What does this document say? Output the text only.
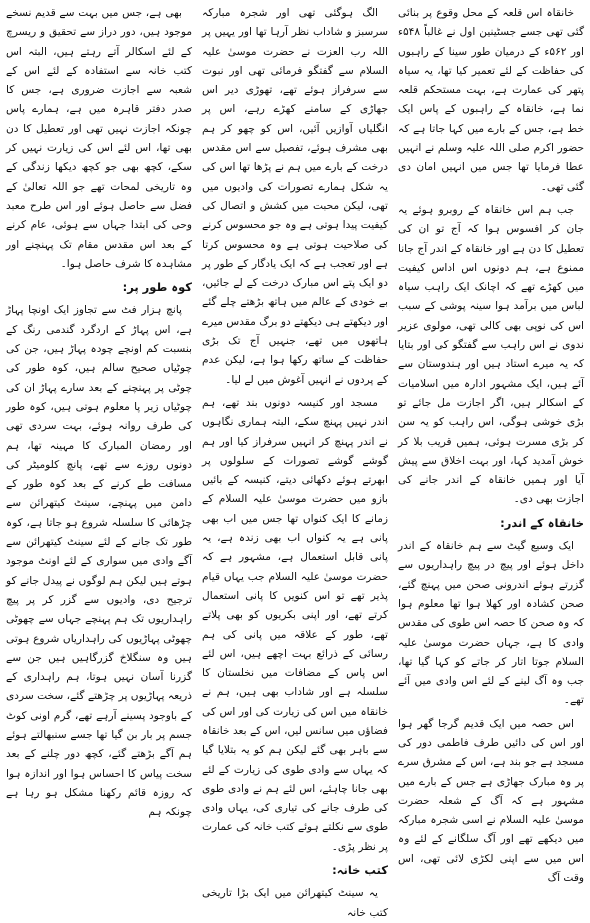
خانقاہ اس قلعہ کے محل وقوع پر بنائی گئی تھی جسے جسٹینین اول نے غالباً ۵۴۸ء اور ۵۶۲ء کے درمیان طور سینا کے راہبوں کی حفاظت کے لئے تعمیر کیا تھا، یہ سیاہ پتھر کی عمارت ہے، بہت مستحکم قلعہ نما ہے، خانقاہ کے راہبوں کے پاس ایک خط ہے، جس کے بارے میں کہا جاتا ہے کہ حضور اکرم صلی اللہ علیہ وسلم نے انہیں عطا فرمایا تھا جس میں انہیں امان دی گئی تھی۔

جب ہم اس خانقاہ کے روبرو ہوئے یہ جان کر افسوس ہوا کہ آج تو ان کی تعطیل کا دن ہے اور خانقاہ کے اندر آج جانا ممنوع ہے، ہم دونوں اس اداس کیفیت میں کھڑے تھے کہ اچانک ایک راہب سیاہ لباس میں برآمد ہوا سینہ پوشی کے سبب اس کی نوپی بھی کالی تھی، مولوی عزیر ندوی نے اس راہب سے گفتگو کی اور بتایا کہ یہ میرے استاد ہیں اور ہندوستان سے آئے ہیں، ایک مشہور ادارہ میں اسلامیات کے اسکالر ہیں، اگر اجازت مل جائے تو بڑی خوشی ہوگی، اس راہب کو یہ سن کر بڑی مسرت ہوئی، ہمیں قریب بلا کر خوش آمدید کہا، اور بہت اخلاق سے پیش آیا اور ہمیں خانقاہ کے اندر جانے کی اجازت بھی دی۔

خانقاہ کے اندر:

ایک وسیع گیٹ سے ہم خانقاہ کے اندر داخل ہوئے اور پیچ در پیچ راہداریوں سے گزرتے ہوئے اندرونی صحن میں پہنچ گئے، صحن کشادہ اور کھلا ہوا تھا معلوم ہوا کہ وہ صحن کا حصہ اس طوی کی مقدس وادی کا ہے، جہاں حضرت موسیٰ علیہ السلام جوتا اتار کر جاتے کو کہا گیا تھا، جب وہ آگ لینے کے لئے اس وادی میں آئے تھے۔

اس حصہ میں ایک قدیم گرجا گھر ہوا اور اس کی دائیں طرف فاطمی دور کی مسجد ہے جو بند ہے، اس کے مشرق سرے پر وہ مبارک جھاڑی ہے جس کے بارے میں مشہور ہے کہ آگ کے شعلہ حضرت موسیٰ علیہ السلام نے اسی شجرہ مبارکہ میں دیکھے تھے اور آگ سلگانے کے لئے وہ اس میں سے اپنی لکڑی لائی تھی، اس وقت آگ

الگ ہوگئی تھی اور شجرہ مبارکہ سرسبز و شاداب نظر آرہا تھا اور یہیں پر اللہ رب العزت نے حضرت موسیٰ علیہ السلام سے گفتگو فرمائی تھی اور نبوت سے سرفراز ہوئے تھے، تھوڑی دیر اس جھاڑی کے سامنے کھڑے رہے، اس پر انگلیاں آوازیں آئیں، اس کو چھو کر ہم بھی مشرف ہوئے، تفصیل سے اس مقدس درخت کے بارے میں ہم نے پڑھا تھا اس کی یہ شکل ہمارے تصورات کی وادیوں میں تھی، لیکن محبت میں کشش و اتصال کی کیفیت پیدا ہوتی ہے وہ جو محسوس کرنے کی صلاحیت ہوتی ہے وہ محسوس کرتا ہے اور تعجب ہے کہ ایک یادگار کے طور پر دو ایک پتے اس مبارک درخت کے لے جائیں، بے خودی کے عالم میں ہاتھ بڑھتے چلے گئے اور دیکھتے ہی دیکھتے دو برگ مقدس میرے ہاتھوں میں تھے، جنہیں آج تک بڑی حفاظت کے ساتھ رکھا ہوا ہے، لیکن عدم کے پردوں نے انہیں آغوش میں لے لیا۔

مسجد اور کنیسہ دونوں بند تھے، ہم اندر نہیں پہنچ سکے، البتہ ہماری نگاہوں نے اندر پہنچ کر انہیں سرفراز کیا اور ہم گوشے گوشے تصورات کے سلولوں پر ابھرتے ہوئے دکھائی دیتے، کنیسہ کے بائیں بازو میں حضرت موسیٰ علیہ السلام کے زمانے کا ایک کنواں تھا جس میں اب بھی پانی ہے یہ کنواں اب بھی زندہ ہے، یہ پانی قابل استعمال ہے، مشہور ہے کہ حضرت موسیٰ علیہ السلام جب یہاں قیام پذیر تھے تو اس کنویں کا پانی استعمال کرتے تھے، اور اپنی بکریوں کو بھی پلاتے تھے، طور کے علاقہ میں پانی کی ہم رسائی کے ذرائع بہت اچھے ہیں، اس لئے اس پاس کے مضافات میں نخلستان کا سلسلہ ہے اور شاداب بھی ہیں، ہم نے خانقاہ میں اس کی زیارت کی اور اس کی فضاؤں میں سانس لیں، اس کے بعد خانقاہ سے باہر بھی گئے لیکن ہم کو یہ بتلایا گیا کہ یہاں سے وادی طوی کی زیارت کے لئے بھی جانا چاہئے، اس لئے ہم نے وادی طوی کی طرف جانے کی تیاری کی، یہاں وادی طوی سے نکلتے ہوئے کتب خانہ کی عمارت پر نظر پڑی۔

کتب خانہ:

یہ سینٹ کیتھرائن میں ایک بڑا تاریخی کتب خانہ

بھی ہے، جس میں بہت سے قدیم نسخے موجود ہیں، دور دراز سے تحقیق و ریسرچ کے لئے اسکالر آتے رہتے ہیں، البتہ اس کتب خانہ سے استفادہ کے لئے اس کے شعبہ سے اجازت ضروری ہے، جس کا صدر دفتر قاہرہ میں ہے، ہمارے پاس چونکہ اجازت نہیں تھی اور تعطیل کا دن بھی تھا، اس لئے اس کی زیارت نہیں کر سکے، کچھ بھی جو کچھ دیکھا زندگی کے وہ تاریخی لمحات تھے جو اللہ تعالیٰ کے فضل سے حاصل ہوئے اور اس طرح معبد وحی کی ابتدا جہاں سے ہوئی، عام کرنے کے بعد اس مقدس مقام تک پہنچنے اور مشاہدہ کا شرف حاصل ہوا۔

کوہ طور پر:

پانچ ہزار فٹ سے تجاوز ایک اونچا پہاڑ ہے، اس پہاڑ کے اردگرد گندمی رنگ کے بنسبت کم اونچے چودہ پہاڑ ہیں، جن کی چوٹیاں صحیح سالم ہیں، کوہ طور کی چوٹی پر پہنچنے کے بعد سارے پہاڑ ان کی چوٹیاں زیر پا معلوم ہوتی ہیں، کوہ طور کی طرف روانہ ہوئے، بہت سردی تھی اور رمضان المبارک کا مہینہ تھا، ہم دونوں روزے سے تھے، پانچ کلومیٹر کی مسافت طے کرنے کے بعد کوہ طور کے دامن میں پہنچے، سینٹ کیتھرائن سے چڑھائی کا سلسلہ شروع ہو جاتا ہے، کوہ طور تک جانے کے لئے سینٹ کیتھرائن سے آگے وادی میں سواری کے لئے اونٹ موجود ہوتے ہیں لیکن ہم لوگوں نے پیدل جانے کو ترجیح دی، وادیوں سے گزر کر پر پیچ راہداریوں تک ہم پہنچے جہاں سے چھوٹی چھوٹی پہاڑیوں کی راہداریاں شروع ہوتی ہیں وہ سنگلاخ گزرگاہیں ہیں جن سے گزرنا آسان نہیں ہوتا، ہم راہداری کے ذریعہ پہاڑیوں پر چڑھتے گئے، سخت سردی کے باوجود پسینے آرہے تھے، گرم اونی کوٹ جسم پر بار بن گیا تھا جسے سنبھالتے ہوئے ہم آگے بڑھتے گئے، کچھ دور چلنے کے بعد سخت پیاس کا احساس ہوا اور اندازہ ہوا کہ روزہ قائم رکھنا مشکل ہو رہا ہے چونکہ ہم
